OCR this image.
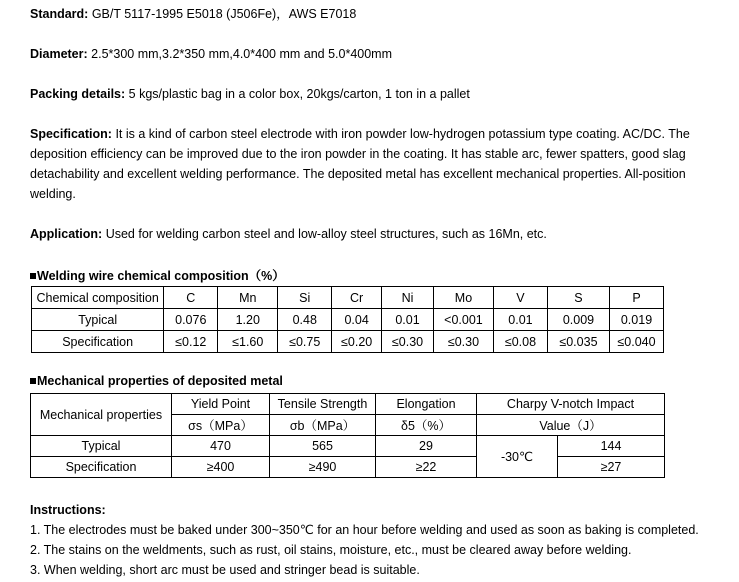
Standard: GB/T 5117-1995 E5018 (J506Fe)，AWS E7018
Diameter: 2.5*300 mm,3.2*350 mm,4.0*400 mm and 5.0*400mm
Packing details: 5 kgs/plastic bag in a color box, 20kgs/carton, 1 ton in a pallet
Specification: It is a kind of carbon steel electrode with iron powder low-hydrogen potassium type coating. AC/DC. The deposition efficiency can be improved due to the iron powder in the coating. It has stable arc, fewer spatters, good slag detachability and excellent welding performance. The deposited metal has excellent mechanical properties. All-position welding.
Application: Used for welding carbon steel and low-alloy steel structures, such as 16Mn, etc.
Welding wire chemical composition（%）
Chemical composition	C	Mn	Si	Cr	Ni	Mo	V	S	P
Typical	0.076	1.20	0.48	0.04	0.01	<0.001	0.01	0.009	0.019
Specification	≤0.12	≤1.60	≤0.75	≤0.20	≤0.30	≤0.30	≤0.08	≤0.035	≤0.040
Mechanical properties of deposited metal
Mechanical properties	Yield Point	Tensile Strength	Elongation	Charpy V-notch Impact	
	σs（MPa）	σb（MPa）	δ5（%）	Value（J）	
Typical	470	565	29	-30℃	144
Specification	≥400	≥490	≥22		≥27
Instructions:
1. The electrodes must be baked under 300~350℃ for an hour before welding and used as soon as baking is completed.
2. The stains on the weldments, such as rust, oil stains, moisture, etc., must be cleared away before welding.
3. When welding, short arc must be used and stringer bead is suitable.
